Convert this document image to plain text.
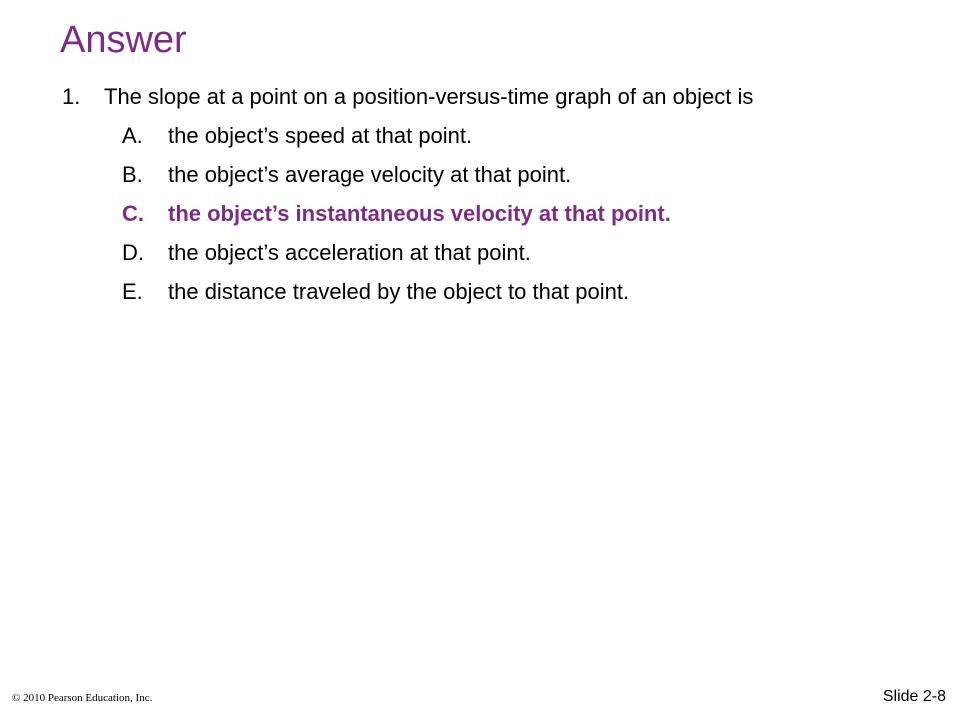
Answer
1.	The slope at a point on a position-versus-time graph of an object is
A.	the object’s speed at that point.
B.	the object’s average velocity at that point.
C.	the object’s instantaneous velocity at that point.
D.	the object’s acceleration at that point.
E.	the distance traveled by the object to that point.
© 2010 Pearson Education, Inc.	Slide 2-8
